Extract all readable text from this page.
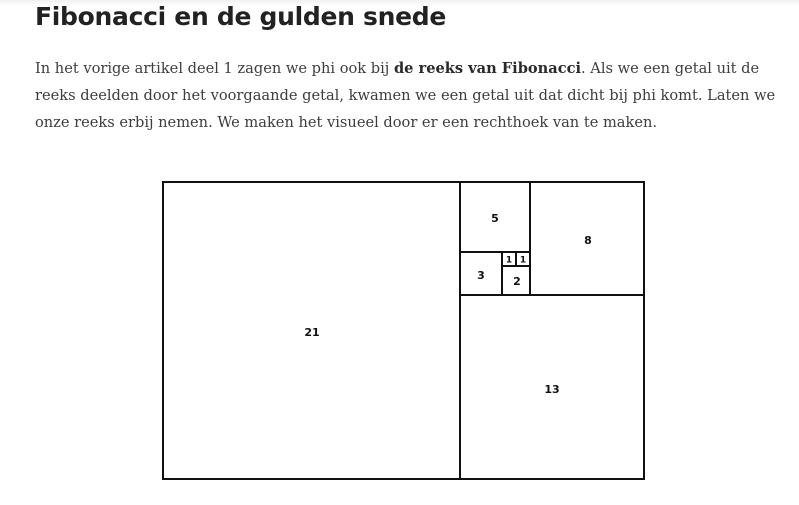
Fibonacci en de gulden snede

In het vorige artikel deel 1 zagen we phi ook bij de reeks van Fibonacci. Als we een getal uit de reeks deelden door het voorgaande getal, kwamen we een getal uit dat dicht bij phi komt. Laten we onze reeks erbij nemen. We maken het visueel door er een rechthoek van te maken.

21
13
8
5
3	2
1 1
